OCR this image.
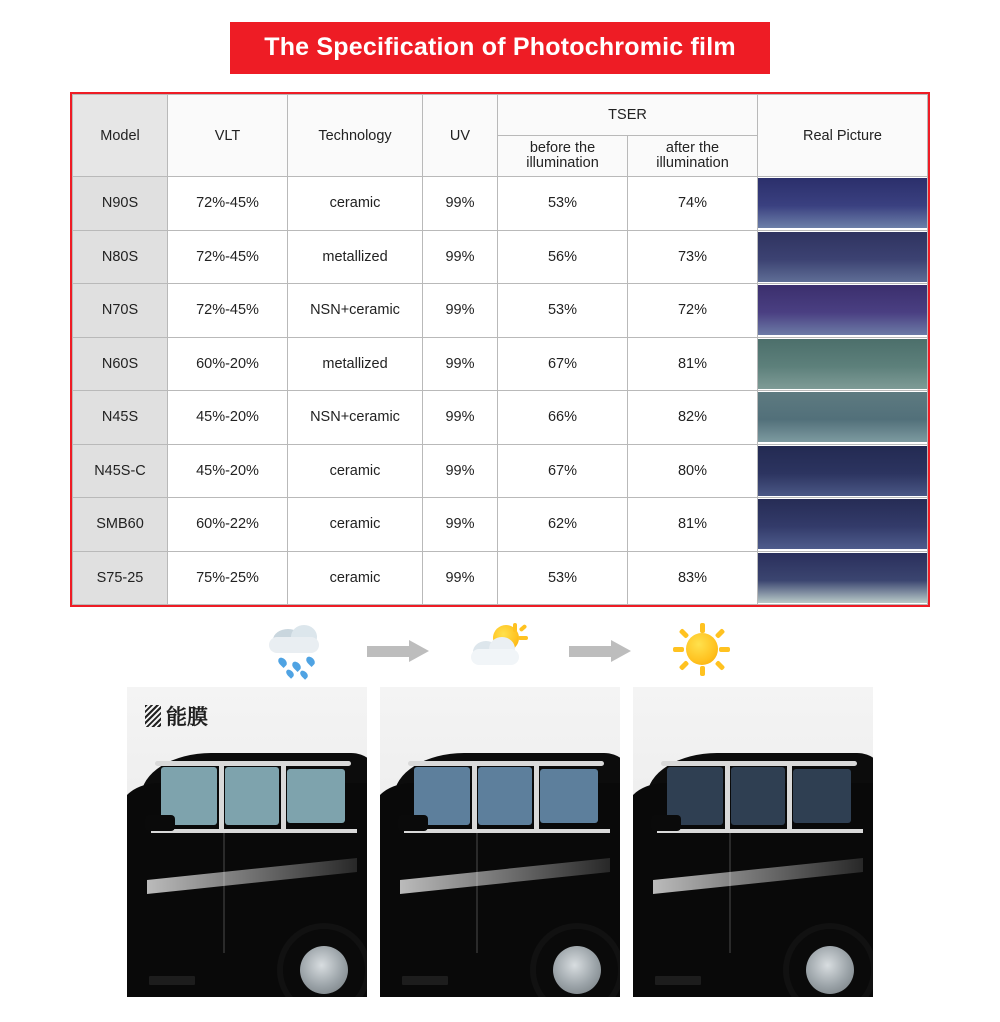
The Specification of Photochromic film
Model	VLT	Technology	UV	TSER		Real Picture
				before the illumination	after the illumination	
N90S	72%-45%	ceramic	99%	53%	74%	

N80S	72%-45%	metallized	99%	56%	73%	

N70S	72%-45%	NSN+ceramic	99%	53%	72%	

N60S	60%-20%	metallized	99%	67%	81%	

N45S	45%-20%	NSN+ceramic	99%	66%	82%	

N45S-C	45%-20%	ceramic	99%	67%	80%	

SMB60	60%-22%	ceramic	99%	62%	81%	

S75-25	75%-25%	ceramic	99%	53%	83%	
能膜
